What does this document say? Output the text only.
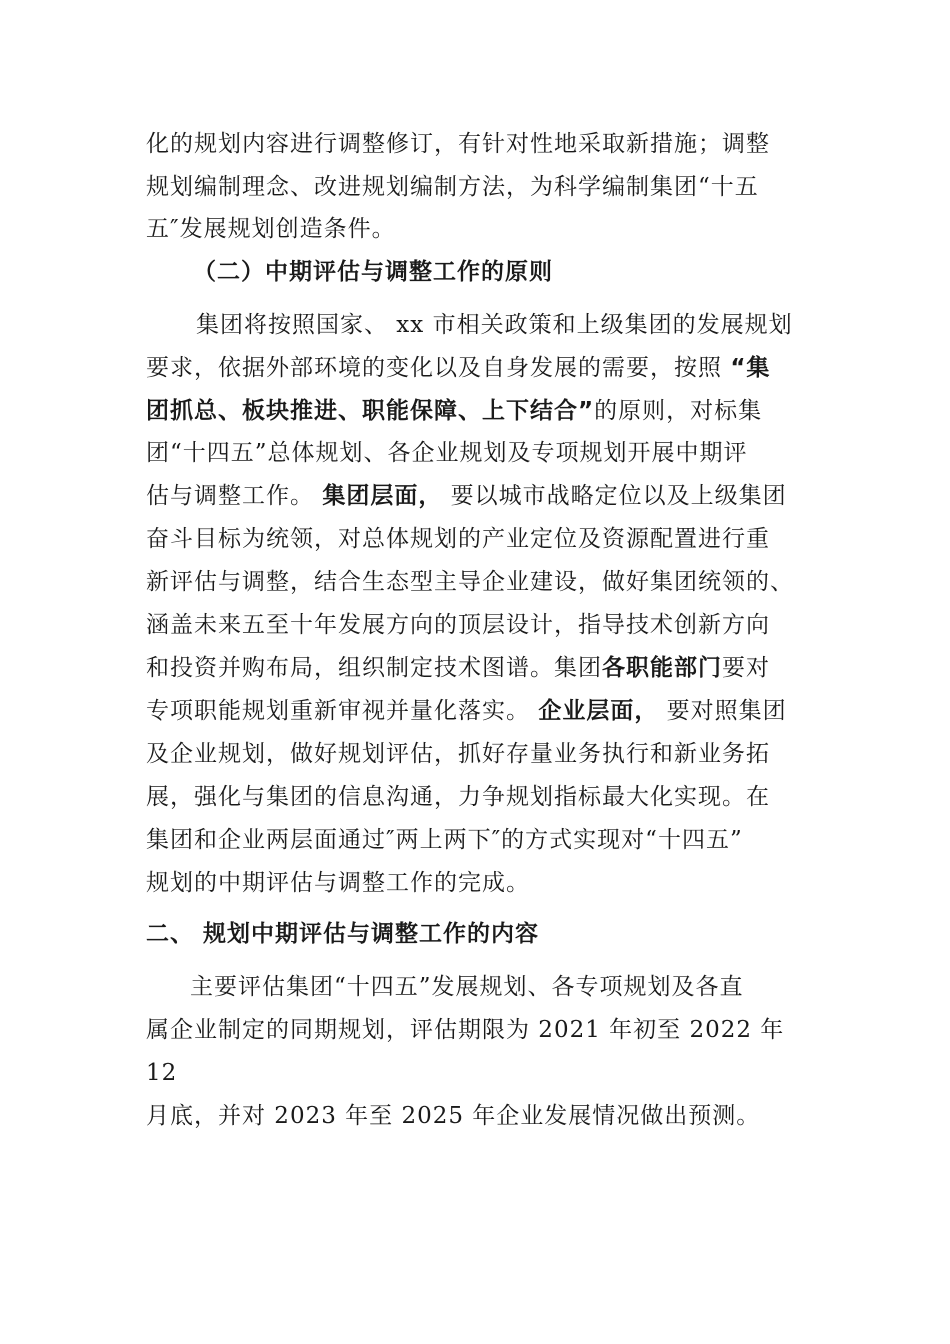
化的规划内容进行调整修订，有针对性地采取新措施；调整
规划编制理念、改进规划编制方法，为科学编制集团“十五
五″发展规划创造条件。
（二）中期评估与调整工作的原则
集团将按照国家、 xx 市相关政策和上级集团的发展规划
要求，依据外部环境的变化以及自身发展的需要，按照 “集
团抓总、板块推进、职能保障、上下结合”的原则，对标集
团“十四五”总体规划、各企业规划及专项规划开展中期评
估与调整工作。 集团层面， 要以城市战略定位以及上级集团
奋斗目标为统领，对总体规划的产业定位及资源配置进行重
新评估与调整，结合生态型主导企业建设，做好集团统领的、
涵盖未来五至十年发展方向的顶层设计，指导技术创新方向
和投资并购布局，组织制定技术图谱。集团各职能部门要对
专项职能规划重新审视并量化落实。 企业层面， 要对照集团
及企业规划，做好规划评估，抓好存量业务执行和新业务拓
展，强化与集团的信息沟通，力争规划指标最大化实现。在
集团和企业两层面通过″两上两下″的方式实现对“十四五”
规划的中期评估与调整工作的完成。
二、 规划中期评估与调整工作的内容
主要评估集团“十四五”发展规划、各专项规划及各直
属企业制定的同期规划，评估期限为 2021 年初至 2022 年
12
月底，并对 2023 年至 2025 年企业发展情况做出预测。
